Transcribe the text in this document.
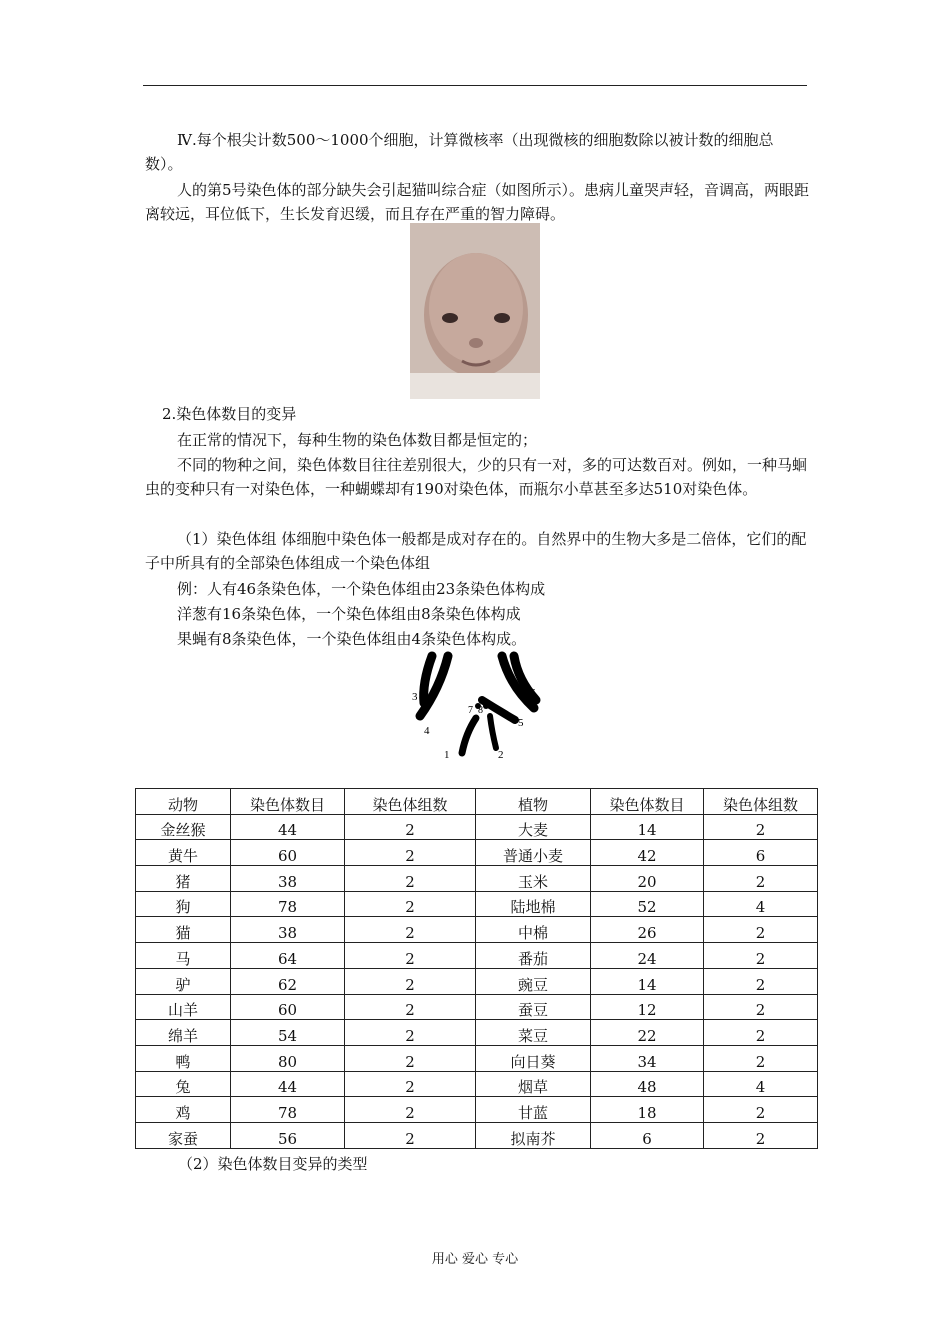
Ⅳ.每个根尖计数500～1000个细胞，计算微核率（出现微核的细胞数除以被计数的细胞总数）。

人的第5号染色体的部分缺失会引起猫叫综合症（如图所示）。患病儿童哭声轻，音调高，两眼距离较远，耳位低下，生长发育迟缓，而且存在严重的智力障碍。

2.染色体数目的变异

在正常的情况下，每种生物的染色体数目都是恒定的；

不同的物种之间，染色体数目往往差别很大，少的只有一对，多的可达数百对。例如，一种马蛔虫的变种只有一对染色体，一种蝴蝶却有190对染色体，而瓶尔小草甚至多达510对染色体。

（1）染色体组 体细胞中染色体一般都是成对存在的。自然界中的生物大多是二倍体，它们的配子中所具有的全部染色体组成一个染色体组

例：人有46条染色体，一个染色体组由23条染色体构成

洋葱有16条染色体，一个染色体组由8条染色体构成

果蝇有8条染色体，一个染色体组由4条染色体构成。

3
7 8
6
4
5
1	2
动物	染色体数目	染色体组数	植物	染色体数目	染色体组数
金丝猴	44	2	大麦	14	2
黄牛	60	2	普通小麦	42	6
猪	38	2	玉米	20	2
狗	78	2	陆地棉	52	4
猫	38	2	中棉	26	2
马	64	2	番茄	24	2
驴	62	2	豌豆	14	2
山羊	60	2	蚕豆	12	2
绵羊	54	2	菜豆	22	2
鸭	80	2	向日葵	34	2
兔	44	2	烟草	48	4
鸡	78	2	甘蓝	18	2
家蚕	56	2	拟南芥	6	2

（2）染色体数目变异的类型

用心 爱心 专心
